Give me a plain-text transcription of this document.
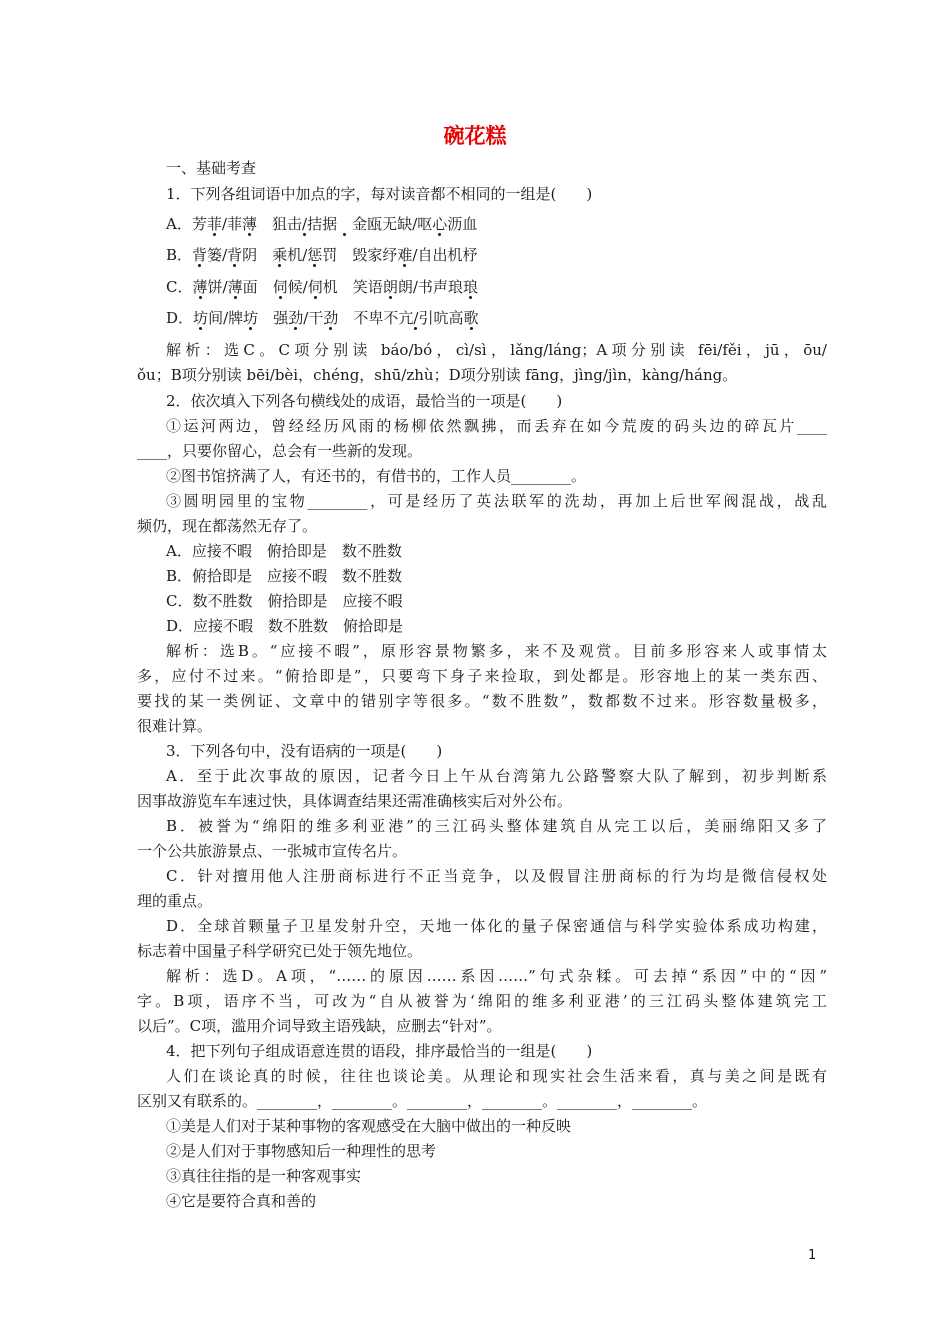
碗花糕
一、基础考查
1．下列各组词语中加点的字，每对读音都不相同的一组是(　　)
A．芳菲/菲薄　 狙击/拮据　 金瓯无缺/呕心沥血
B．背篓/背阴　 乘机/惩罚　 毁家纾难/自出机杼
C．薄饼/薄面　 伺候/伺机　 笑语朗朗/书声琅琅
D．坊间/牌坊　 强劲/干劲　 不卑不亢/引吭高歌
解析：选C。C项分别读 báo/bó，cì/sì，lǎng/láng；A项分别读 fēi/fěi，jū，ōu/
ǒu；B项分别读 bēi/bèi，chéng，shū/zhù；D项分别读 fāng，jìng/jìn，kàng/háng。
2．依次填入下列各句横线处的成语，最恰当的一项是(　　)
①运河两边，曾经经历风雨的杨柳依然飘拂，而丢弃在如今荒废的码头边的碎瓦片____
____，只要你留心，总会有一些新的发现。
②图书馆挤满了人，有还书的，有借书的，工作人员________。
③圆明园里的宝物________，可是经历了英法联军的洗劫，再加上后世军阀混战，战乱
频仍，现在都荡然无存了。
A．应接不暇　俯拾即是　数不胜数
B．俯拾即是　应接不暇　数不胜数
C．数不胜数　俯拾即是　应接不暇
D．应接不暇　数不胜数　俯拾即是
解析：选B。“应接不暇”，原形容景物繁多，来不及观赏。目前多形容来人或事情太
多，应付不过来。“俯拾即是”，只要弯下身子来捡取，到处都是。形容地上的某一类东西、
要找的某一类例证、文章中的错别字等很多。“数不胜数”，数都数不过来。形容数量极多，
很难计算。
3．下列各句中，没有语病的一项是(　　)
A．至于此次事故的原因，记者今日上午从台湾第九公路警察大队了解到，初步判断系
因事故游览车车速过快，具体调查结果还需准确核实后对外公布。
B．被誉为“绵阳的维多利亚港”的三江码头整体建筑自从完工以后，美丽绵阳又多了
一个公共旅游景点、一张城市宣传名片。
C．针对擅用他人注册商标进行不正当竞争，以及假冒注册商标的行为均是微信侵权处
理的重点。
D．全球首颗量子卫星发射升空，天地一体化的量子保密通信与科学实验体系成功构建，
标志着中国量子科学研究已处于领先地位。
解析：选D。A项，“……的原因……系因……”句式杂糅。可去掉“系因”中的“因”
字。B项，语序不当，可改为“自从被誉为‘绵阳的维多利亚港’的三江码头整体建筑完工
以后”。C项，滥用介词导致主语残缺，应删去“针对”。
4．把下列句子组成语意连贯的语段，排序最恰当的一组是(　　)
人们在谈论真的时候，往往也谈论美。从理论和现实社会生活来看，真与美之间是既有
区别又有联系的。________，________。________，________。________，________。
①美是人们对于某种事物的客观感受在大脑中做出的一种反映
②是人们对于事物感知后一种理性的思考
③真往往指的是一种客观事实
④它是要符合真和善的
1
